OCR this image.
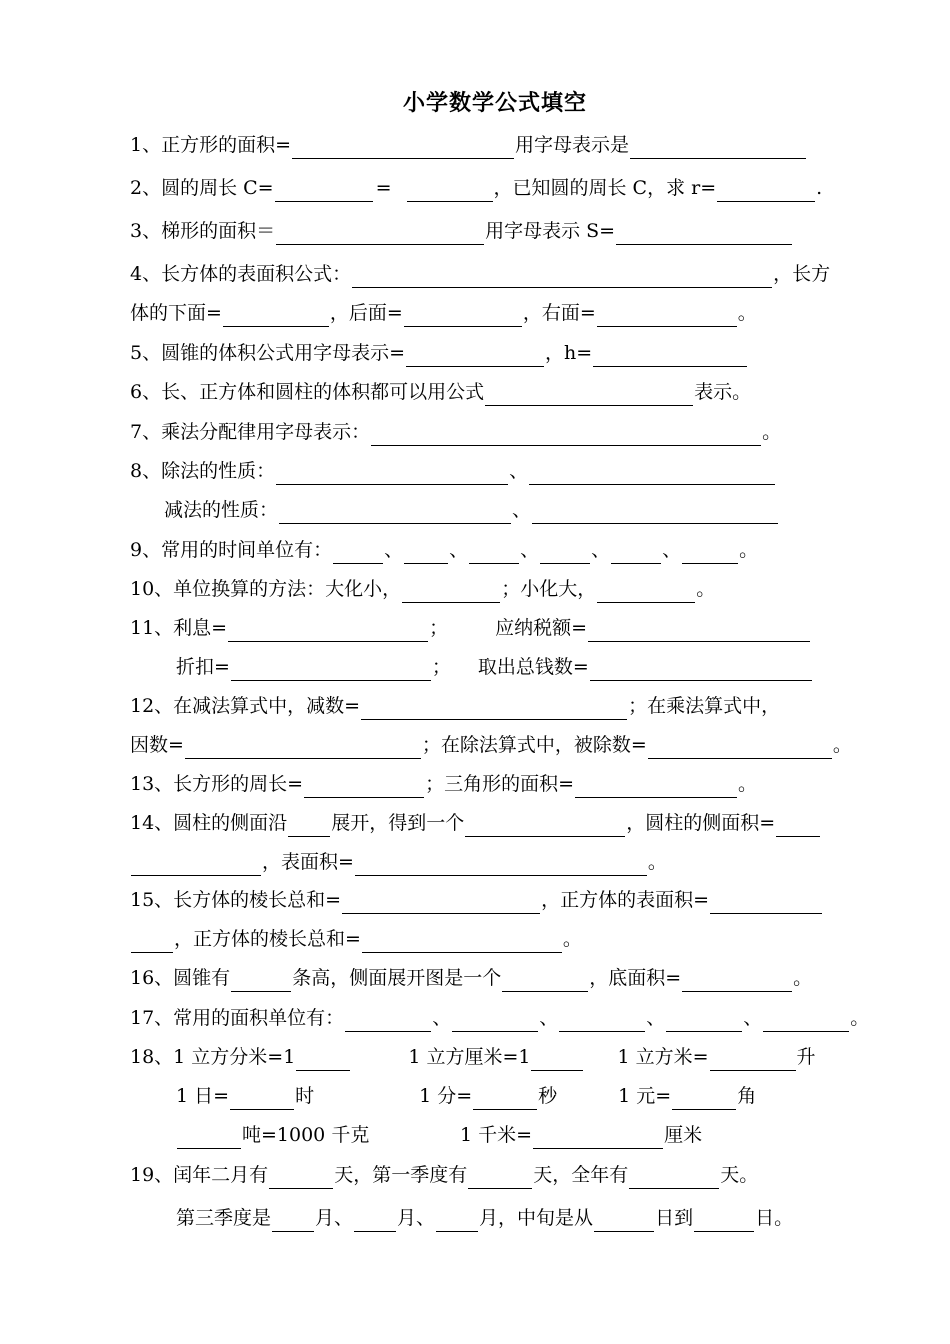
小学数学公式填空
1、正方形的面积=	用字母表示是
2、圆的周长 C=	=	，已知圆的周长 C，求 r=	.
3、梯形的面积＝	用字母表示 S=
4、长方体的表面积公式：	，长方
体的下面=	，后面=	，右面=	。
5、圆锥的体积公式用字母表示=	，h=
6、长、正方体和圆柱的体积都可以用公式	表示。
7、乘法分配律用字母表示：	。
8、除法的性质：	、
减法的性质：	、
9、常用的时间单位有：	、 、	、	、	、	。
10、单位换算的方法：大化小，	；小化大，	。
11、利息=	； 应纳税额=
折扣=	； 取出总钱数=
12、在减法算式中，减数=	；在乘法算式中，
因数=	；在除法算式中，被除数=	。
13、长方形的周长=	；三角形的面积=	。
14、圆柱的侧面沿 展开，得到一个	，圆柱的侧面积=
，表面积=	。
15、长方体的棱长总和=	，正方体的表面积=
，正方体的棱长总和=	。
16、圆锥有	条高，侧面展开图是一个	，底面积=	。
17、常用的面积单位有：	、	、	、	、	。
18、1 立方分米=1	1 立方厘米=1	1 立方米=	升
1 日=	时	1 分=	秒	1 元=	角
吨=1000 千克	1 千米=	厘米
19、闰年二月有	天，第一季度有	天，全年有	天。
第三季度是 月、 月、 月，中旬是从	日到	日。
